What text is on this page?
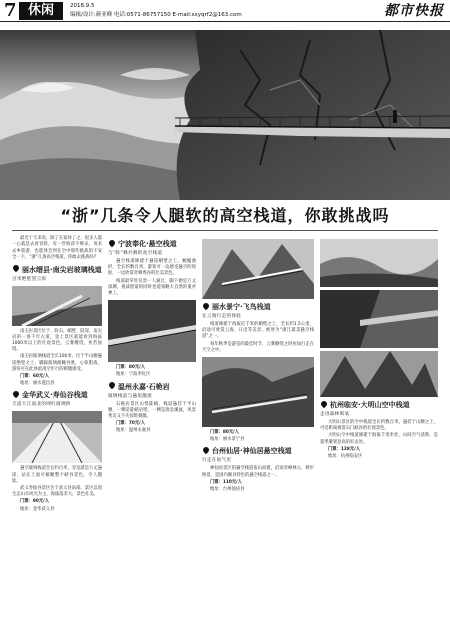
7 休闲	2018.9.5
编辑/设计:颜亚峰 电话:0571-86757150 E-mail:sxyqrf2@163.com	都市快报
“浙”几条令人腿软的高空栈道，你敢挑战吗

最近十天来说，除了在家休了之，很多人都一心就是去看冒险，有一些收获不够多。说来去乡旅游，也能体会到在空中那些挑战的不安全一下，“浙”几条高空栈道，你敢去挑战吗?

丽水缙县·南尖岩玻璃栈道
百米绝壁望云海

南尖岩景区位于，险石，峭壁、陡崖，南尖岩的一条千年古道，登上景区就能看到海拔1000米以上的壮观景色，云雾缭绕，宛若仙境。

南尖岩玻璃栈道全长100米，位于半山腰悬崖绝壁之上，脚踩玻璃俯瞰谷底，心惊胆战，游客可在此体验凌空步行的刺激感受。

门票：60元/人

地址：丽水遂昌县

金华武义·寿仙谷栈道
天道大江南北的网红玻璃桥

悬空玻璃栈道全长约百米，旁边就是万丈悬崖，站在上面可俯瞰整个峡谷景色，令人腿软。

武义寿仙谷景区位于武义县南部，景区以原生态山水风光为主，海拔落差大，景色壮美。

门票：90元/人

地址：金华武义县

宁波奉化·悬空栈道
与“险”峰共舞的高空栈道

悬空栈道修建于悬崖峭壁之上，蜿蜒曲折，全长约数百米，游客可一边感受悬空的惊险，一边欣赏奇峰秀谷的壮美景色。

栈道最窄处仅容一人通过，脚下便是万丈深渊，挑战胆量的同时也能领略大自然的鬼斧神工。

门票：80元/人

地址：宁波奉化区

温州永嘉·石桅岩
玻璃栈道与悬崖激流

石桅岩景区山势陡峭，栈道悬挂于半山腰，一侧是陡峭岩壁，一侧是湍急溪流，风景秀美又不失惊险刺激。

门票：70元/人

地址：温州永嘉县

丽水景宁·飞鸟栈道
在云端行走的体验

栈道修建于海拔近千米的峭壁之上，全长约1.5公里，沿途可欣赏云海、日出等美景，被誉为“浙江最美悬空栈道”之一。

每年秋季是游览的最佳时节，云雾缭绕之时宛如行走在天空之中。

门票：80元/人

地址：丽水景宁县

台州仙居·神仙居悬空栈道
行走在仙气里

神仙居景区的悬空栈道依山而建，沿途奇峰林立，移步换景，是国内颇具特色的悬空栈道之一。

门票：110元/人

地址：台州仙居县

杭州临安·大明山空中栈道
走进森林吸氧

大明山景区的空中栈道全长约数百米，悬挂于山腰之上，可近距离观赏石门峡谷的壮观景色。

大明山空中栈道修建于海拔千余米处，山间空气清新，是夏季避暑登高的好去处。

门票：128元/人

地址：杭州临安区
